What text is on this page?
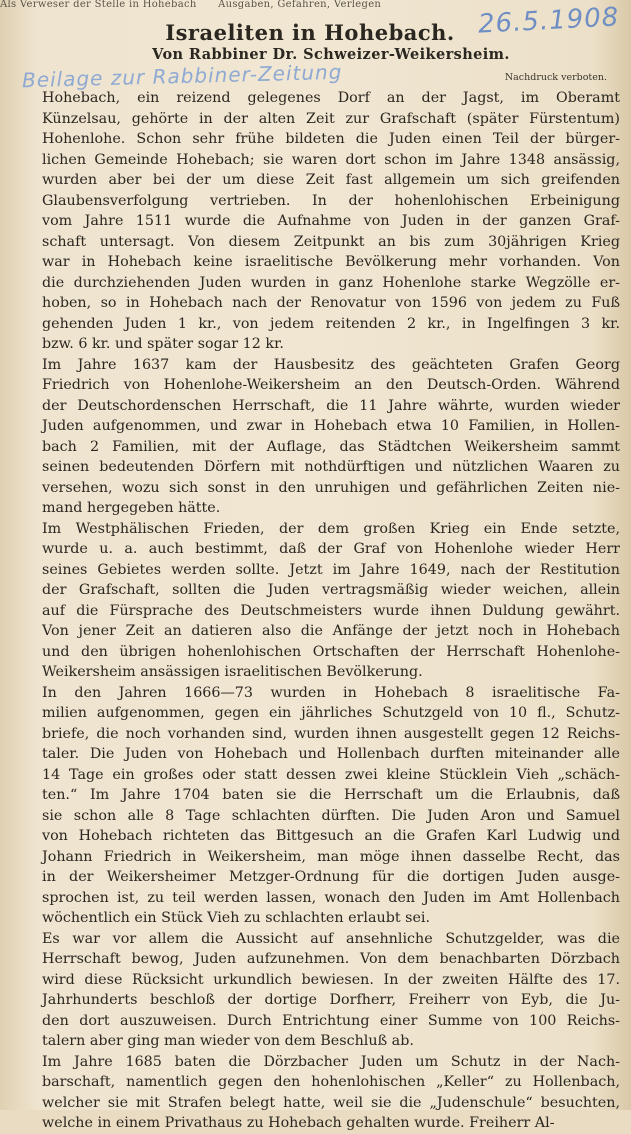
Als Verweser der Stelle in Hohebach Ausgaben, Gefahren, Verlegen	26.5.1908
Israeliten in Hohebach.
Von Rabbiner Dr. Schweizer-Weikersheim.
Beilage zur Rabbiner-Zeitung	Nachdruck verboten.
Hohebach, ein reizend gelegenes Dorf an der Jagst, im Oberamt
Künzelsau, gehörte in der alten Zeit zur Grafschaft (später Fürstentum)
Hohenlohe. Schon sehr frühe bildeten die Juden einen Teil der bürger-
lichen Gemeinde Hohebach; sie waren dort schon im Jahre 1348 ansässig,
wurden aber bei der um diese Zeit fast allgemein um sich greifenden
Glaubensverfolgung vertrieben. In der hohenlohischen Erbeinigung
vom Jahre 1511 wurde die Aufnahme von Juden in der ganzen Graf-
schaft untersagt. Von diesem Zeitpunkt an bis zum 30jährigen Krieg
war in Hohebach keine israelitische Bevölkerung mehr vorhanden. Von
die durchziehenden Juden wurden in ganz Hohenlohe starke Wegzölle er-
hoben, so in Hohebach nach der Renovatur von 1596 von jedem zu Fuß
gehenden Juden 1 kr., von jedem reitenden 2 kr., in Ingelfingen 3 kr.
bzw. 6 kr. und später sogar 12 kr.
Im Jahre 1637 kam der Hausbesitz des geächteten Grafen Georg
Friedrich von Hohenlohe-Weikersheim an den Deutsch-Orden. Während
der Deutschordenschen Herrschaft, die 11 Jahre währte, wurden wieder
Juden aufgenommen, und zwar in Hohebach etwa 10 Familien, in Hollen-
bach 2 Familien, mit der Auflage, das Städtchen Weikersheim sammt
seinen bedeutenden Dörfern mit nothdürftigen und nützlichen Waaren zu
versehen, wozu sich sonst in den unruhigen und gefährlichen Zeiten nie-
mand hergegeben hätte.
Im Westphälischen Frieden, der dem großen Krieg ein Ende setzte,
wurde u. a. auch bestimmt, daß der Graf von Hohenlohe wieder Herr
seines Gebietes werden sollte. Jetzt im Jahre 1649, nach der Restitution
der Grafschaft, sollten die Juden vertragsmäßig wieder weichen, allein
auf die Fürsprache des Deutschmeisters wurde ihnen Duldung gewährt.
Von jener Zeit an datieren also die Anfänge der jetzt noch in Hohebach
und den übrigen hohenlohischen Ortschaften der Herrschaft Hohenlohe-
Weikersheim ansässigen israelitischen Bevölkerung.
In den Jahren 1666—73 wurden in Hohebach 8 israelitische Fa-
milien aufgenommen, gegen ein jährliches Schutzgeld von 10 fl., Schutz-
briefe, die noch vorhanden sind, wurden ihnen ausgestellt gegen 12 Reichs-
taler. Die Juden von Hohebach und Hollenbach durften miteinander alle
14 Tage ein großes oder statt dessen zwei kleine Stücklein Vieh „schäch-
ten.“ Im Jahre 1704 baten sie die Herrschaft um die Erlaubnis, daß
sie schon alle 8 Tage schlachten dürften. Die Juden Aron und Samuel
von Hohebach richteten das Bittgesuch an die Grafen Karl Ludwig und
Johann Friedrich in Weikersheim, man möge ihnen dasselbe Recht, das
in der Weikersheimer Metzger-Ordnung für die dortigen Juden ausge-
sprochen ist, zu teil werden lassen, wonach den Juden im Amt Hollenbach
wöchentlich ein Stück Vieh zu schlachten erlaubt sei.
Es war vor allem die Aussicht auf ansehnliche Schutzgelder, was die
Herrschaft bewog, Juden aufzunehmen. Von dem benachbarten Dörzbach
wird diese Rücksicht urkundlich bewiesen. In der zweiten Hälfte des 17.
Jahrhunderts beschloß der dortige Dorfherr, Freiherr von Eyb, die Ju-
den dort auszuweisen. Durch Entrichtung einer Summe von 100 Reichs-
talern aber ging man wieder von dem Beschluß ab.
Im Jahre 1685 baten die Dörzbacher Juden um Schutz in der Nach-
barschaft, namentlich gegen den hohenlohischen „Keller“ zu Hollenbach,
welcher sie mit Strafen belegt hatte, weil sie die „Judenschule“ besuchten,
welche in einem Privathaus zu Hohebach gehalten wurde. Freiherr Al-
